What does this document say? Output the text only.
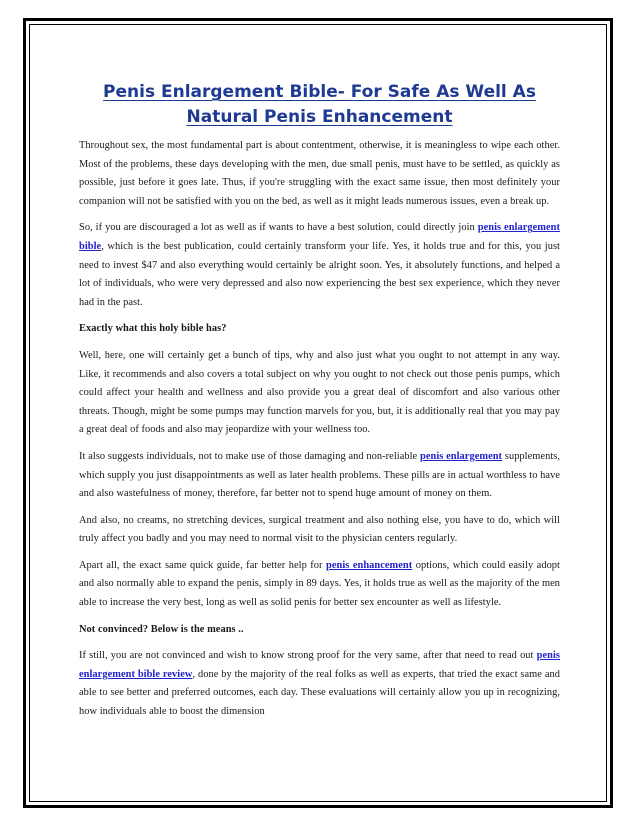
Penis Enlargement Bible- For Safe As Well As
Natural Penis Enhancement

Throughout sex, the most fundamental part is about contentment, otherwise, it is meaningless to wipe each other. Most of the problems, these days developing with the men, due small penis, must have to be settled, as quickly as possible, just before it goes late. Thus, if you're struggling with the exact same issue, then most definitely your companion will not be satisfied with you on the bed, as well as it might leads numerous issues, even a break up.

So, if you are discouraged a lot as well as if wants to have a best solution, could directly join penis enlargement bible, which is the best publication, could certainly transform your life. Yes, it holds true and for this, you just need to invest $47 and also everything would certainly be alright soon. Yes, it absolutely functions, and helped a lot of individuals, who were very depressed and also now experiencing the best sex experience, which they never had in the past.

Exactly what this holy bible has?

Well, here, one will certainly get a bunch of tips, why and also just what you ought to not attempt in any way. Like, it recommends and also covers a total subject on why you ought to not check out those penis pumps, which could affect your health and wellness and also provide you a great deal of discomfort and also various other threats. Though, might be some pumps may function marvels for you, but, it is additionally real that you may pay a great deal of foods and also may jeopardize with your wellness too.

It also suggests individuals, not to make use of those damaging and non-reliable penis enlargement supplements, which supply you just disappointments as well as later health problems. These pills are in actual worthless to have and also wastefulness of money, therefore, far better not to spend huge amount of money on them.

And also, no creams, no stretching devices, surgical treatment and also nothing else, you have to do, which will truly affect you badly and you may need to normal visit to the physician centers regularly.

Apart all, the exact same quick guide, far better help for penis enhancement options, which could easily adopt and also normally able to expand the penis, simply in 89 days. Yes, it holds true as well as the majority of the men able to increase the very best, long as well as solid penis for better sex encounter as well as lifestyle.

Not convinced? Below is the means ..

If still, you are not convinced and wish to know strong proof for the very same, after that need to read out penis enlargement bible review, done by the majority of the real folks as well as experts, that tried the exact same and able to see better and preferred outcomes, each day. These evaluations will certainly allow you up in recognizing, how individuals able to boost the dimension
